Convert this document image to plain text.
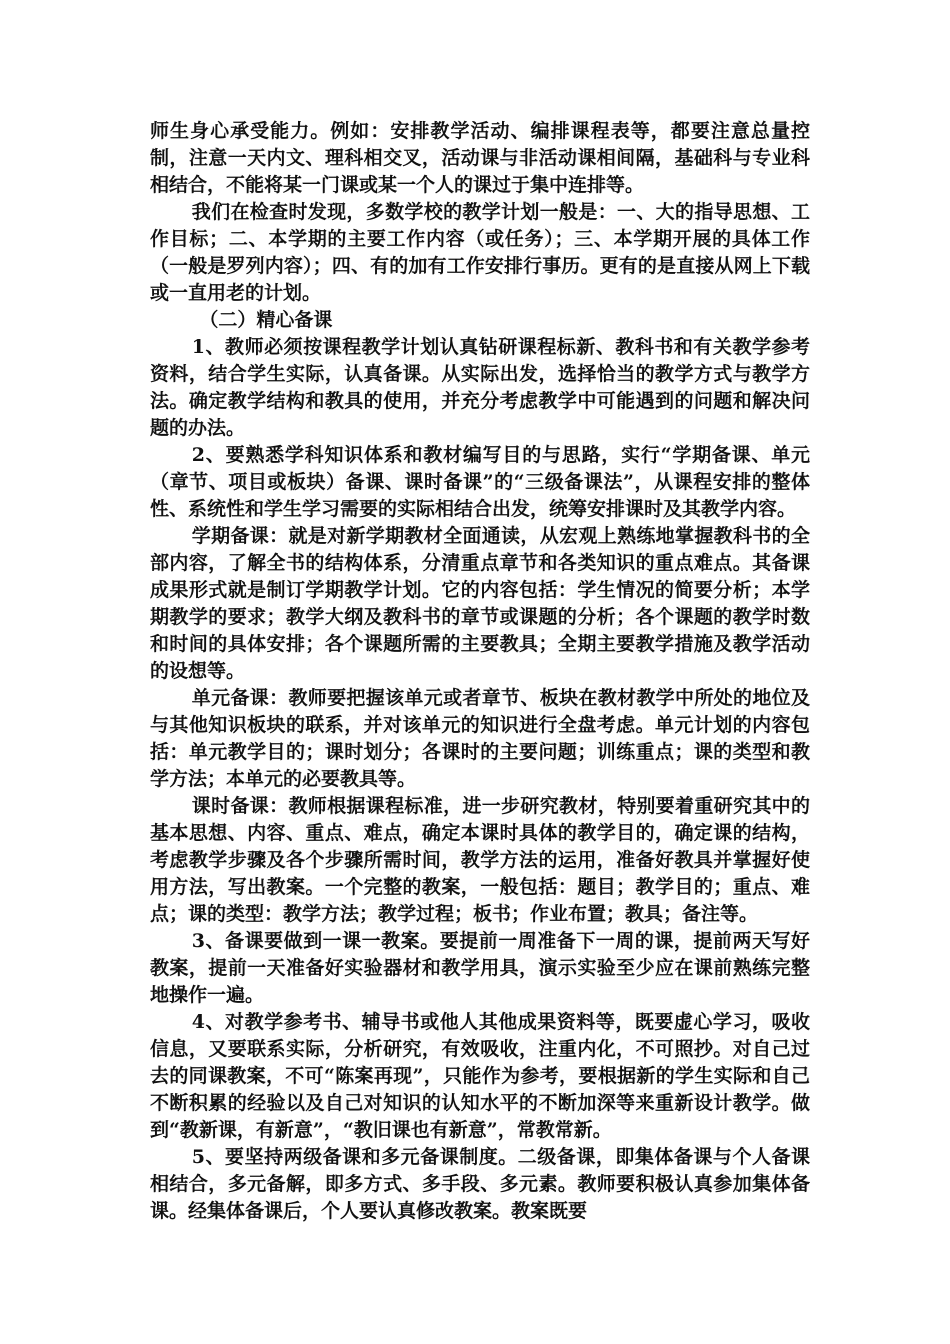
师生身心承受能力。例如：安排教学活动、编排课程表等，都要注意总量控制，注意一天内文、理科相交叉，活动课与非活动课相间隔，基础科与专业科相结合，不能将某一门课或某一个人的课过于集中连排等。

我们在检查时发现，多数学校的教学计划一般是：一、大的指导思想、工作目标；二、本学期的主要工作内容（或任务）；三、本学期开展的具体工作（一般是罗列内容）；四、有的加有工作安排行事历。更有的是直接从网上下载或一直用老的计划。

（二）精心备课

1、教师必须按课程教学计划认真钻研课程标新、教科书和有关教学参考资料，结合学生实际，认真备课。从实际出发，选择恰当的教学方式与教学方法。确定教学结构和教具的使用，并充分考虑教学中可能遇到的问题和解决问题的办法。

2、要熟悉学科知识体系和教材编写目的与思路，实行“学期备课、单元（章节、项目或板块）备课、课时备课”的“三级备课法”，从课程安排的整体性、系统性和学生学习需要的实际相结合出发，统筹安排课时及其教学内容。

学期备课：就是对新学期教材全面通读，从宏观上熟练地掌握教科书的全部内容，了解全书的结构体系，分清重点章节和各类知识的重点难点。其备课成果形式就是制订学期教学计划。它的内容包括：学生情况的简要分析；本学期教学的要求；教学大纲及教科书的章节或课题的分析；各个课题的教学时数和时间的具体安排；各个课题所需的主要教具；全期主要教学措施及教学活动的设想等。

单元备课：教师要把握该单元或者章节、板块在教材教学中所处的地位及与其他知识板块的联系，并对该单元的知识进行全盘考虑。单元计划的内容包括：单元教学目的；课时划分；各课时的主要问题；训练重点；课的类型和教学方法；本单元的必要教具等。

课时备课：教师根据课程标准，进一步研究教材，特别要着重研究其中的基本思想、内容、重点、难点，确定本课时具体的教学目的，确定课的结构，考虑教学步骤及各个步骤所需时间，教学方法的运用，准备好教具并掌握好使用方法，写出教案。一个完整的教案，一般包括：题目；教学目的；重点、难点；课的类型：教学方法；教学过程；板书；作业布置；教具；备注等。

3、备课要做到一课一教案。要提前一周准备下一周的课，提前两天写好教案，提前一天准备好实验器材和教学用具，演示实验至少应在课前熟练完整地操作一遍。

4、对教学参考书、辅导书或他人其他成果资料等，既要虚心学习，吸收信息，又要联系实际，分析研究，有效吸收，注重内化，不可照抄。对自己过去的同课教案，不可“陈案再现”，只能作为参考，要根据新的学生实际和自己不断积累的经验以及自己对知识的认知水平的不断加深等来重新设计教学。做到“教新课，有新意”，“教旧课也有新意”，常教常新。

5、要坚持两级备课和多元备课制度。二级备课，即集体备课与个人备课相结合，多元备解，即多方式、多手段、多元素。教师要积极认真参加集体备课。经集体备课后，个人要认真修改教案。教案既要
